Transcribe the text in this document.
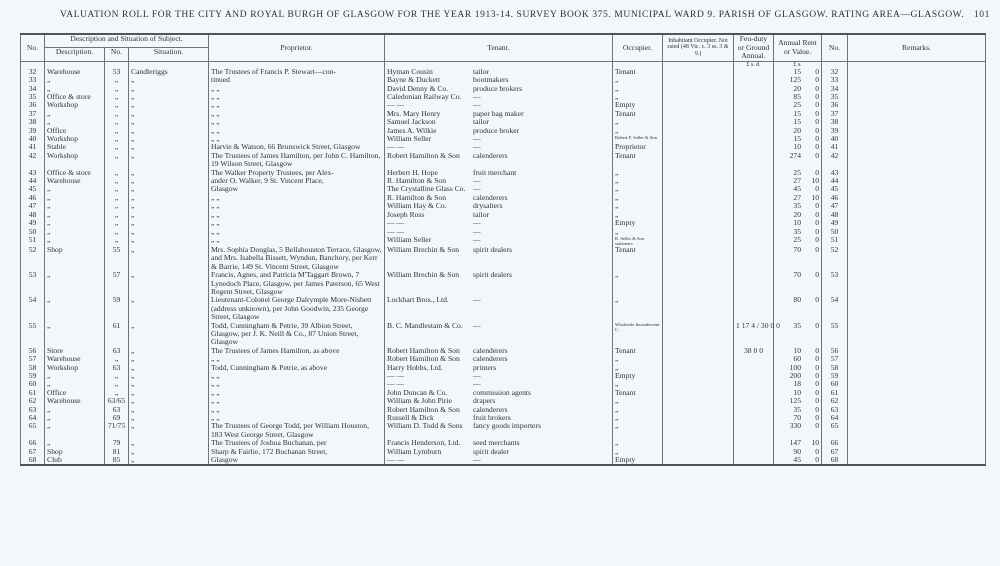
VALUATION ROLL FOR THE CITY AND ROYAL BURGH OF GLASGOW FOR THE YEAR 1913-14. SURVEY BOOK 375. MUNICIPAL WARD 9. PARISH OF GLASGOW. RATING AREA—GLASGOW. 101
No.	Description and Situation of Subject.			Proprietor.	Tenant.	Occupier.	Inhabitant Occupier. Not rated (48 Vic. c. 3 ss. 3 & 9.)	Feu-duty or Ground Annual.	Annual Rent or Value.	No.	Remarks.
	Description.	No.	Situation.								
								£ s. d.	£ s.		
32	Warehouse	53	Candleriggs	The Trustees of Francis P. Stewart—con-	Hyman Cousin tailor	Tenant			15 0	32	
33	„	„	„	tinued	Bayne & Duckett bootmakers	„			125 0	33	
34	„	„	„	„ „	David Denny & Co. produce brokers	„			20 0	34	
35	Office & store	„	„	„ „	Caledonian Railway Co. —	„			85 0	35	
36	Workshop	„	„	„ „	— — —	Empty			25 0	36	
37	„	„	„	„ „	Mrs. Mary Henry paper bag maker	Tenant			15 0	37	
38	„	„	„	„ „	Samuel Jackson tailor	„			15 0	38	
39	Office	„	„	„ „	James A. Wilkie produce broker	„			20 0	39	
40	Workshop	„	„	„ „	William Seller —	Robert F. Seller & Son			15 0	40	
41	Stable	„	„	Harvie & Watson, 66 Brunswick Street, Glasgow	— — —	Proprietor			10 0	41	
42	Workshop	„	„	The Trustees of James Hamilton, per John C. Hamilton, 19 Wilson Street, Glasgow	Robert Hamilton & Son calenderers	Tenant			274 0	42	
43	Office & store	„	„	The Walker Property Trustees, per Alex-	Herbert H. Hope fruit merchant	„			25 0	43	
44	Warehouse	„	„	ander O. Walker, 9 St. Vincent Place,	R. Hamilton & Son —	„			27 10	44	
45	„	„	„	Glasgow	The Crystalline Glass Co. —	„			45 0	45	
46	„	„	„	„ „	R. Hamilton & Son calenderers	„			27 10	46	
47	„	„	„	„ „	William Hay & Co. drysalters	„			35 0	47	
48	„	„	„	„ „	Joseph Ross tailor	„			20 0	48	
49	„	„	„	„ „	— — —	Empty			10 0	49	
50	„	„	„	„ „	— — —	„			35 0	50	
51	„	„	„	„ „	William Seller —	R. Seller & Son stationers			25 0	51	
52	Shop	55	„	Mrs. Sophia Douglas, 5 Bellahouston Terrace, Glasgow, and Mrs. Isabella Bissett, Wyndun, Banchory, per Kerr & Barrie, 149 St. Vincent Street, Glasgow	William Brechin & Son spirit dealers	Tenant			70 0	52	
53	„	57	„	Francis, Agnes, and Patricia M'Taggart Brown, 7 Lynedoch Place, Glasgow, per James Paterson, 65 West Regent Street, Glasgow	William Brechin & Son spirit dealers	„			70 0	53	
54	„	59	„	Lieutenant-Colonel George Dalrymple More-Nisbett (address unknown), per John Goodwin, 235 George Street, Glasgow	Lockhart Bros., Ltd. —	„			80 0	54	
55	„	61	„	Todd, Cunningham & Petrie, 39 Albion Street, Glasgow, per J. K. Neill & Co., 87 Union Street, Glasgow	B. C. Mandlestam & Co. —	Wholesale Incandescent C.		1 17 4 / 30 0 0	35 0	55	
56	Store	63	„	The Trustees of James Hamilton, as above	Robert Hamilton & Son calenderers	Tenant		38 0 0	10 0	56	
57	Warehouse	„	„	„ „	Robert Hamilton & Son calenderers	„			60 0	57	
58	Workshop	63	„	Todd, Cunningham & Petrie, as above	Harry Hobbs, Ltd. printers	„			100 0	58	
59	„	„	„	„ „	— — —	Empty			200 0	59	
60	„	„	„	„ „	— — —	„			18 0	60	
61	Office	„	„	„ „	John Duncan & Co. commission agents	Tenant			10 0	61	
62	Warehouse	63/65	„	„ „	William & John Pirie drapers	„			125 0	62	
63	„	63	„	„ „	Robert Hamilton & Son calenderers	„			35 0	63	
64	„	69	„	„ „	Russell & Dick fruit brokers	„			70 0	64	
65	„	71/75	„	The Trustees of George Todd, per William Houston, 183 West George Street, Glasgow	William D. Todd & Sons fancy goods importers	„			330 0	65	
66	„	79	„	The Trustees of Joshua Buchanan, per	Francis Henderson, Ltd. seed merchants	„			147 10	66	
67	Shop	81	„	Sharp & Fairlie, 172 Buchanan Street,	William Lymburn spirit dealer	„			90 0	67	
68	Club	85	„	Glasgow	— — —	Empty			45 0	68	
